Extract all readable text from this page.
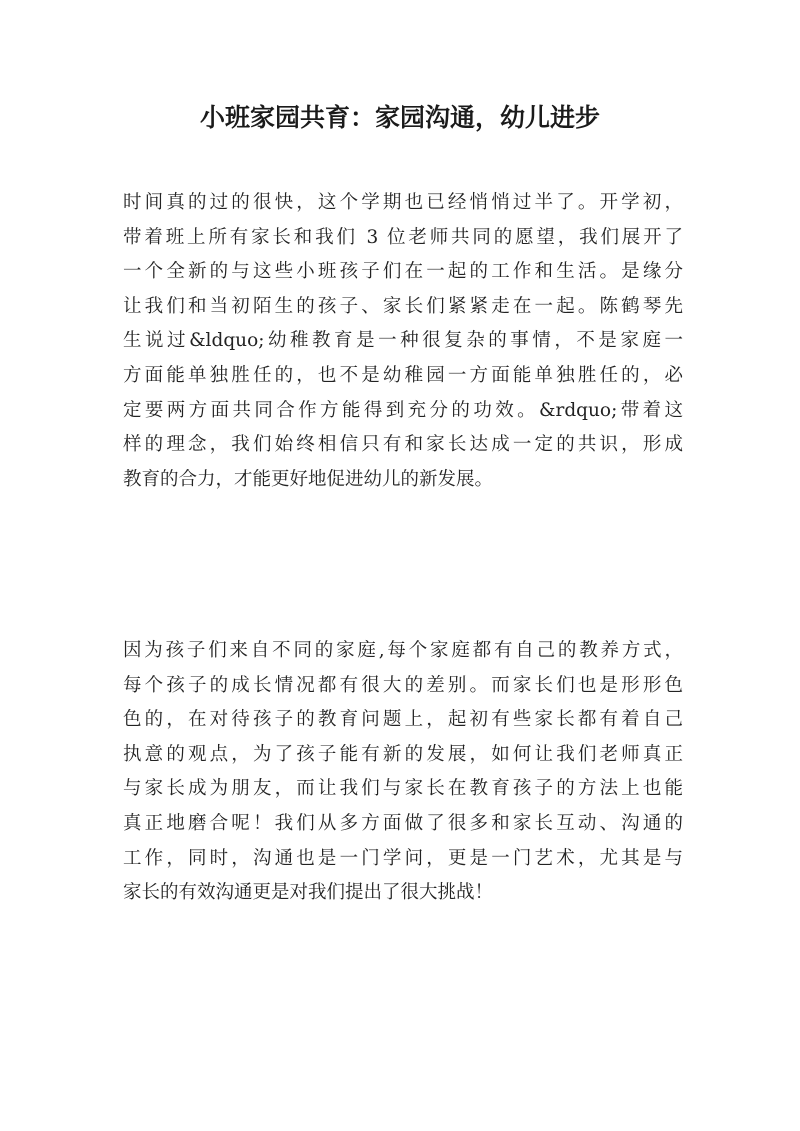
小班家园共育：家园沟通，幼儿进步
时间真的过的很快，这个学期也已经悄悄过半了。开学初，
带着班上所有家长和我们 3 位老师共同的愿望，我们展开了
一个全新的与这些小班孩子们在一起的工作和生活。是缘分
让我们和当初陌生的孩子、家长们紧紧走在一起。陈鹤琴先
生说过&ldquo;幼稚教育是一种很复杂的事情，不是家庭一
方面能单独胜任的，也不是幼稚园一方面能单独胜任的，必
定要两方面共同合作方能得到充分的功效。&rdquo;带着这
样的理念，我们始终相信只有和家长达成一定的共识，形成
教育的合力，才能更好地促进幼儿的新发展。
因为孩子们来自不同的家庭,每个家庭都有自己的教养方式，
每个孩子的成长情况都有很大的差别。而家长们也是形形色
色的，在对待孩子的教育问题上，起初有些家长都有着自己
执意的观点，为了孩子能有新的发展，如何让我们老师真正
与家长成为朋友，而让我们与家长在教育孩子的方法上也能
真正地磨合呢！我们从多方面做了很多和家长互动、沟通的
工作，同时，沟通也是一门学问，更是一门艺术，尤其是与
家长的有效沟通更是对我们提出了很大挑战！
